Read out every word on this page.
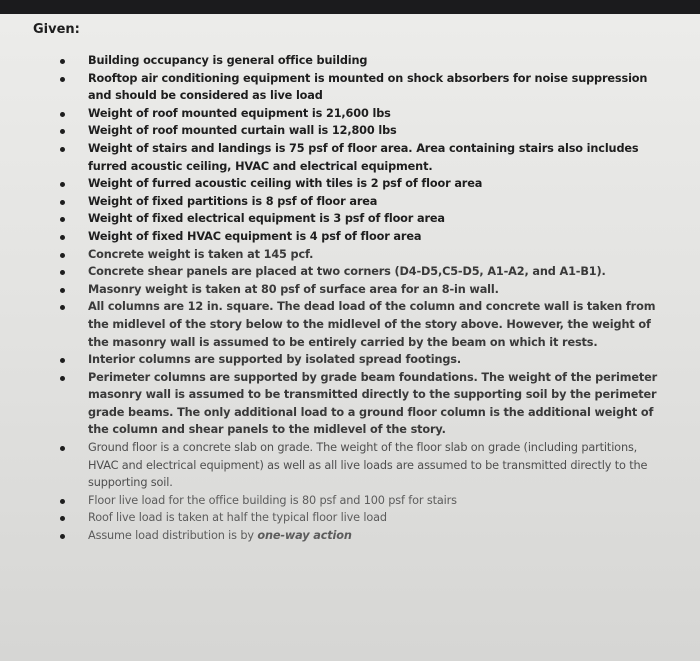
Given:
Building occupancy is general office building
Rooftop air conditioning equipment is mounted on shock absorbers for noise suppression and should be considered as live load
Weight of roof mounted equipment is 21,600 lbs
Weight of roof mounted curtain wall is 12,800 lbs
Weight of stairs and landings is 75 psf of floor area. Area containing stairs also includes furred acoustic ceiling, HVAC and electrical equipment.
Weight of furred acoustic ceiling with tiles is 2 psf of floor area
Weight of fixed partitions is 8 psf of floor area
Weight of fixed electrical equipment is 3 psf of floor area
Weight of fixed HVAC equipment is 4 psf of floor area
Concrete weight is taken at 145 pcf.
Concrete shear panels are placed at two corners (D4-D5,C5-D5, A1-A2, and A1-B1).
Masonry weight is taken at 80 psf of surface area for an 8-in wall.
All columns are 12 in. square. The dead load of the column and concrete wall is taken from the midlevel of the story below to the midlevel of the story above. However, the weight of the masonry wall is assumed to be entirely carried by the beam on which it rests.
Interior columns are supported by isolated spread footings.
Perimeter columns are supported by grade beam foundations. The weight of the perimeter masonry wall is assumed to be transmitted directly to the supporting soil by the perimeter grade beams. The only additional load to a ground floor column is the additional weight of the column and shear panels to the midlevel of the story.
Ground floor is a concrete slab on grade. The weight of the floor slab on grade (including partitions, HVAC and electrical equipment) as well as all live loads are assumed to be transmitted directly to the supporting soil.
Floor live load for the office building is 80 psf and 100 psf for stairs
Roof live load is taken at half the typical floor live load
Assume load distribution is by one-way action
